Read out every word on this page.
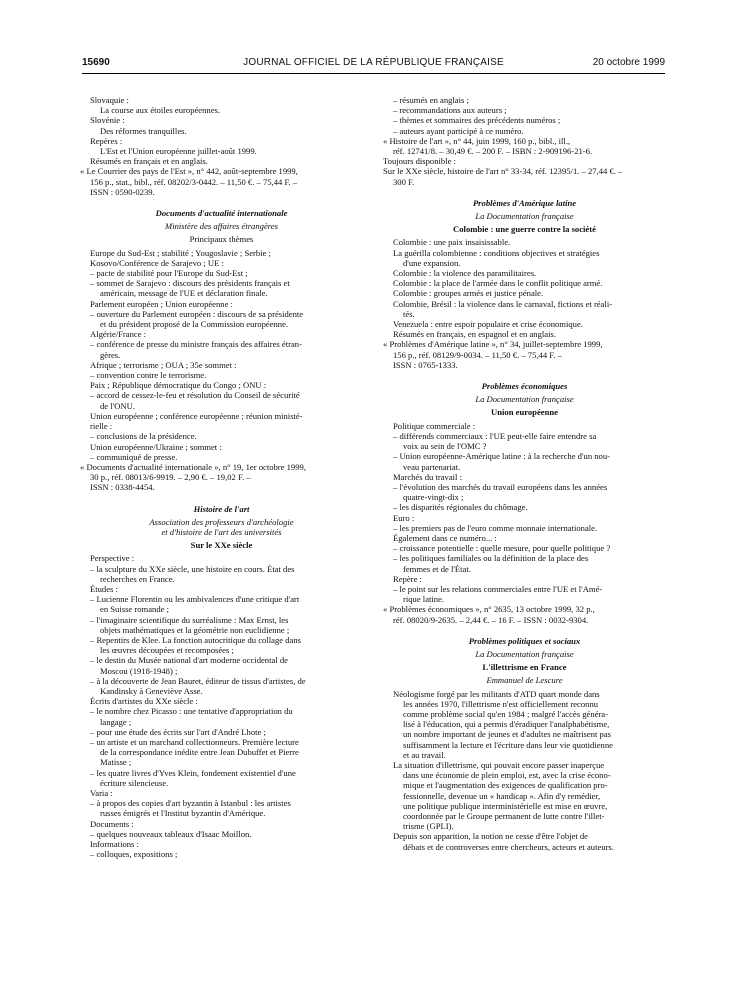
15690	JOURNAL OFFICIEL DE LA RÉPUBLIQUE FRANÇAISE	20 octobre 1999
Slovaquie :
La course aux étoiles européennes.
Slovénie :
Des réformes tranquilles.
Repères :
L'Est et l'Union européenne juillet-août 1999.
Résumés en français et en anglais.
« Le Courrier des pays de l'Est », n° 442, août-septembre 1999,
156 p., stat., bibl., réf. 08202/3-0442. – 11,50 €. – 75,44 F. –
ISSN : 0590-0239.
Documents d'actualité internationale
Ministère des affaires étrangères
Principaux thèmes
Europe du Sud-Est ; stabilité ; Yougoslavie ; Serbie ;
Kosovo/Conférence de Sarajevo ; UE :
– pacte de stabilité pour l'Europe du Sud-Est ;
– sommet de Sarajevo : discours des présidents français et
américain, message de l'UE et déclaration finale.
Parlement européen ; Union européenne :
– ouverture du Parlement européen : discours de sa présidente
et du président proposé de la Commission européenne.
Algérie/France :
– conférence de presse du ministre français des affaires étran-
gères.
Afrique ; terrorisme ; OUA ; 35e sommet :
– convention contre le terrorisme.
Paix ; République démocratique du Congo ; ONU :
– accord de cessez-le-feu et résolution du Conseil de sécurité
de l'ONU.
Union européenne ; conférence européenne ; réunion ministé-
rielle :
– conclusions de la présidence.
Union européenne/Ukraine ; sommet :
– communiqué de presse.
« Documents d'actualité internationale », n° 19, 1er octobre 1999,
30 p., réf. 08013/6-9919. – 2,90 €. – 19,02 F. –
ISSN : 0338-4454.
Histoire de l'art
Association des professeurs d'archéologie
et d'histoire de l'art des universités
Sur le XXe siècle
Perspective :
– la sculpture du XXe siècle, une histoire en cours. État des
recherches en France.
Études :
– Lucienne Florentin ou les ambivalences d'une critique d'art
en Suisse romande ;
– l'imaginaire scientifique du surréalisme : Max Ernst, les
objets mathématiques et la géométrie non euclidienne ;
– Repentirs de Klee. La fonction autocritique du collage dans
les œuvres découpées et recomposées ;
– le destin du Musée national d'art moderne occidental de
Moscou (1918-1948) ;
– à la découverte de Jean Bauret, éditeur de tissus d'artistes, de
Kandinsky à Geneviève Asse.
Écrits d'artistes du XXe siècle :
– le nombre chez Picasso : une tentative d'appropriation du
langage ;
– pour une étude des écrits sur l'art d'André Lhote ;
– un artiste et un marchand collectionneurs. Première lecture
de la correspondance inédite entre Jean Dubuffet et Pierre
Matisse ;
– les quatre livres d'Yves Klein, fondement existentiel d'une
écriture silencieuse.
Varia :
– à propos des copies d'art byzantin à Istanbul : les artistes
russes émigrés et l'Institut byzantin d'Amérique.
Documents :
– quelques nouveaux tableaux d'Isaac Moillon.
Informations :
– colloques, expositions ;
– résumés en anglais ;
– recommandations aux auteurs ;
– thèmes et sommaires des précédents numéros ;
– auteurs ayant participé à ce numéro.
« Histoire de l'art », n° 44, juin 1999, 160 p., bibl., ill.,
réf. 12741/8. – 30,49 €. – 200 F. – ISBN : 2-909196-21-6.
Toujours disponible :
Sur le XXe siècle, histoire de l'art n° 33-34, réf. 12395/1. – 27,44 €. –
300 F.
Problèmes d'Amérique latine
La Documentation française
Colombie : une guerre contre la société
Colombie : une paix insaisissable.
La guérilla colombienne : conditions objectives et stratégies
d'une expansion.
Colombie : la violence des paramilitaires.
Colombie : la place de l'armée dans le conflit politique armé.
Colombie : groupes armés et justice pénale.
Colombie, Brésil : la violence dans le carnaval, fictions et réali-
tés.
Venezuela : entre espoir populaire et crise économique.
Résumés en français, en espagnol et en anglais.
« Problèmes d'Amérique latine », n° 34, juillet-septembre 1999,
156 p., réf. 08129/9-0034. – 11,50 €. – 75,44 F. –
ISSN : 0765-1333.
Problèmes économiques
La Documentation française
Union européenne
Politique commerciale :
– différends commerciaux : l'UE peut-elle faire entendre sa
voix au sein de l'OMC ?
– Union européenne-Amérique latine : à la recherche d'un nou-
veau partenariat.
Marchés du travail :
– l'évolution des marchés du travail européens dans les années
quatre-vingt-dix ;
– les disparités régionales du chômage.
Euro :
– les premiers pas de l'euro comme monnaie internationale.
Également dans ce numéro... :
– croissance potentielle : quelle mesure, pour quelle politique ?
– les politiques familiales ou la définition de la place des
femmes et de l'État.
Repère :
– le point sur les relations commerciales entre l'UE et l'Amé-
rique latine.
« Problèmes économiques », n° 2635, 13 octobre 1999, 32 p.,
réf. 08020/9-2635. – 2,44 €. – 16 F. – ISSN : 0032-9304.
Problèmes politiques et sociaux
La Documentation française
L'illettrisme en France
Emmanuel de Lescure
Néologisme forgé par les militants d'ATD quart monde dans
les années 1970, l'illettrisme n'est officiellement reconnu
comme problème social qu'en 1984 ; malgré l'accès généra-
lisé à l'éducation, qui a permis d'éradiquer l'analphabétisme,
un nombre important de jeunes et d'adultes ne maîtrisent pas
suffisamment la lecture et l'écriture dans leur vie quotidienne
et au travail.
La situation d'illettrisme, qui pouvait encore passer inaperçue
dans une économie de plein emploi, est, avec la crise écono-
mique et l'augmentation des exigences de qualification pro-
fessionnelle, devenue un « handicap ». Afin d'y remédier,
une politique publique interministérielle est mise en œuvre,
coordonnée par le Groupe permanent de lutte contre l'illet-
trisme (GPLI).
Depuis son apparition, la notion ne cesse d'être l'objet de
débats et de controverses entre chercheurs, acteurs et auteurs.
